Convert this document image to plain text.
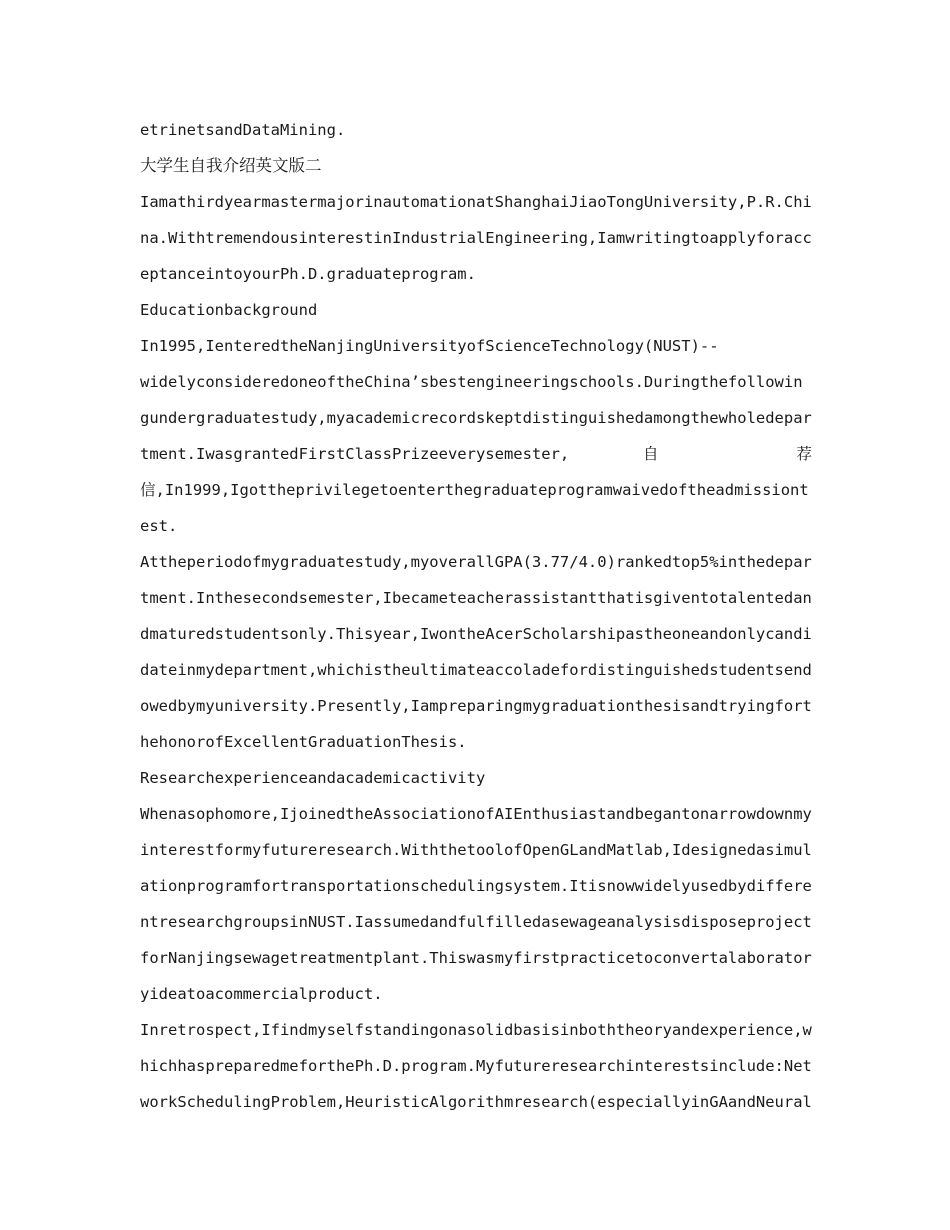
etrinetsandDataMining.
大学生自我介绍英文版二
IamathirdyearmastermajorinautomationatShanghaiJiaoTongUniversity,P.R.Chi
na.WithtremendousinterestinIndustrialEngineering,Iamwritingtoapplyforacc
eptanceintoyourPh.D.graduateprogram.
Educationbackground
In1995,IenteredtheNanjingUniversityofScienceTechnology(NUST)--
widelyconsideredoneoftheChina’sbestengineeringschools.Duringthefollowin
gundergraduatestudy,myacademicrecordskeptdistinguishedamongthewholedepar
tment.IwasgrantedFirstClassPrizeeverysemester, 自 荐
信,In1999,Igottheprivilegetoenterthegraduateprogramwaivedoftheadmissiont
est.
Attheperiodofmygraduatestudy,myoverallGPA(3.77/4.0)rankedtop5%inthedepar
tment.Inthesecondsemester,Ibecameteacherassistantthatisgiventotalentedan
dmaturedstudentsonly.Thisyear,IwontheAcerScholarshipastheoneandonlycandi
dateinmydepartment,whichistheultimateaccoladefordistinguishedstudentsend
owedbymyuniversity.Presently,Iampreparingmygraduationthesisandtryingfort
hehonorofExcellentGraduationThesis.
Researchexperienceandacademicactivity
Whenasophomore,IjoinedtheAssociationofAIEnthusiastandbegantonarrowdownmy
interestformyfutureresearch.WiththetoolofOpenGLandMatlab,Idesignedasimul
ationprogramfortransportationschedulingsystem.Itisnowwidelyusedbydiffere
ntresearchgroupsinNUST.Iassumedandfulfilledasewageanalysisdisposeproject
forNanjingsewagetreatmentplant.Thiswasmyfirstpracticetoconvertalaborator
yideatoacommercialproduct.
Inretrospect,Ifindmyselfstandingonasolidbasisinboththeoryandexperience,w
hichhaspreparedmeforthePh.D.program.Myfutureresearchinterestsinclude:Net
workSchedulingProblem,HeuristicAlgorithmresearch(especiallyinGAandNeural
